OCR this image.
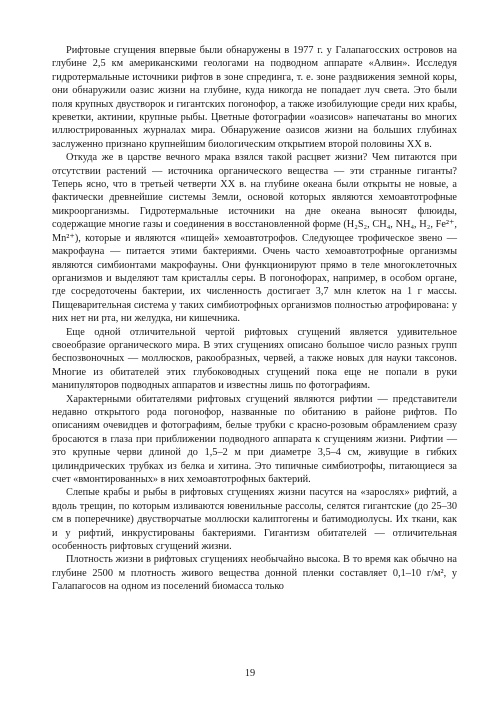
Рифтовые сгущения впервые были обнаружены в 1977 г. у Галапагосских островов на глубине 2,5 км американскими геологами на подводном аппарате «Алвин». Исследуя гидротермальные источники рифтов в зоне спрединга, т. е. зоне раздвижения земной коры, они обнаружили оазис жизни на глубине, куда никогда не попадает луч света. Это были поля крупных двустворок и гигантских погонофор, а также изобилующие среди них крабы, креветки, актинии, крупные рыбы. Цветные фотографии «оазисов» напечатаны во многих иллюстрированных журналах мира. Обнаружение оазисов жизни на больших глубинах заслуженно признано крупнейшим биологическим открытием второй половины XX в.

Откуда же в царстве вечного мрака взялся такой расцвет жизни? Чем питаются при отсутствии растений — источника органического вещества — эти странные гиганты? Теперь ясно, что в третьей четверти XX в. на глубине океана были открыты не новые, а фактически древнейшие системы Земли, основой которых являются хемоавтотрофные микроорганизмы. Гидротермальные источники на дне океана выносят флюиды, содержащие многие газы и соединения в восстановленной форме (H₂S₂, CH₄, NH₄, H₂, Fe²⁺, Mn²⁺), которые и являются «пищей» хемоавтотрофов. Следующее трофическое звено — макрофауна — питается этими бактериями. Очень часто хемоавтотрофные организмы являются симбионтами макрофауны. Они функционируют прямо в теле многоклеточных организмов и выделяют там кристаллы серы. В погонофорах, например, в особом органе, где сосредоточены бактерии, их численность достигает 3,7 млн клеток на 1 г массы. Пищеварительная система у таких симбиотрофных организмов полностью атрофирована: у них нет ни рта, ни желудка, ни кишечника.

Еще одной отличительной чертой рифтовых сгущений является удивительное своеобразие органического мира. В этих сгущениях описано большое число разных групп беспозвоночных — моллюсков, ракообразных, червей, а также новых для науки таксонов. Многие из обитателей этих глубоководных сгущений пока еще не попали в руки манипуляторов подводных аппаратов и известны лишь по фотографиям.

Характерными обитателями рифтовых сгущений являются рифтии — представители недавно открытого рода погонофор, названные по обитанию в районе рифтов. По описаниям очевидцев и фотографиям, белые трубки с красно-розовым обрамлением сразу бросаются в глаза при приближении подводного аппарата к сгущениям жизни. Рифтии — это крупные черви длиной до 1,5–2 м при диаметре 3,5–4 см, живущие в гибких цилиндрических трубках из белка и хитина. Это типичные симбиотрофы, питающиеся за счет «вмонтированных» в них хемоавтотрофных бактерий.

Слепые крабы и рыбы в рифтовых сгущениях жизни пасутся на «зарослях» рифтий, а вдоль трещин, по которым изливаются ювенильные рассолы, селятся гигантские (до 25–30 см в поперечнике) двустворчатые моллюски калиптогены и батимодиолусы. Их ткани, как и у рифтий, инкрустированы бактериями. Гигантизм обитателей — отличительная особенность рифтовых сгущений жизни.

Плотность жизни в рифтовых сгущениях необычайно высока. В то время как обычно на глубине 2500 м плотность живого вещества донной пленки составляет 0,1–10 г/м², у Галапагосов на одном из поселений биомасса только

19
